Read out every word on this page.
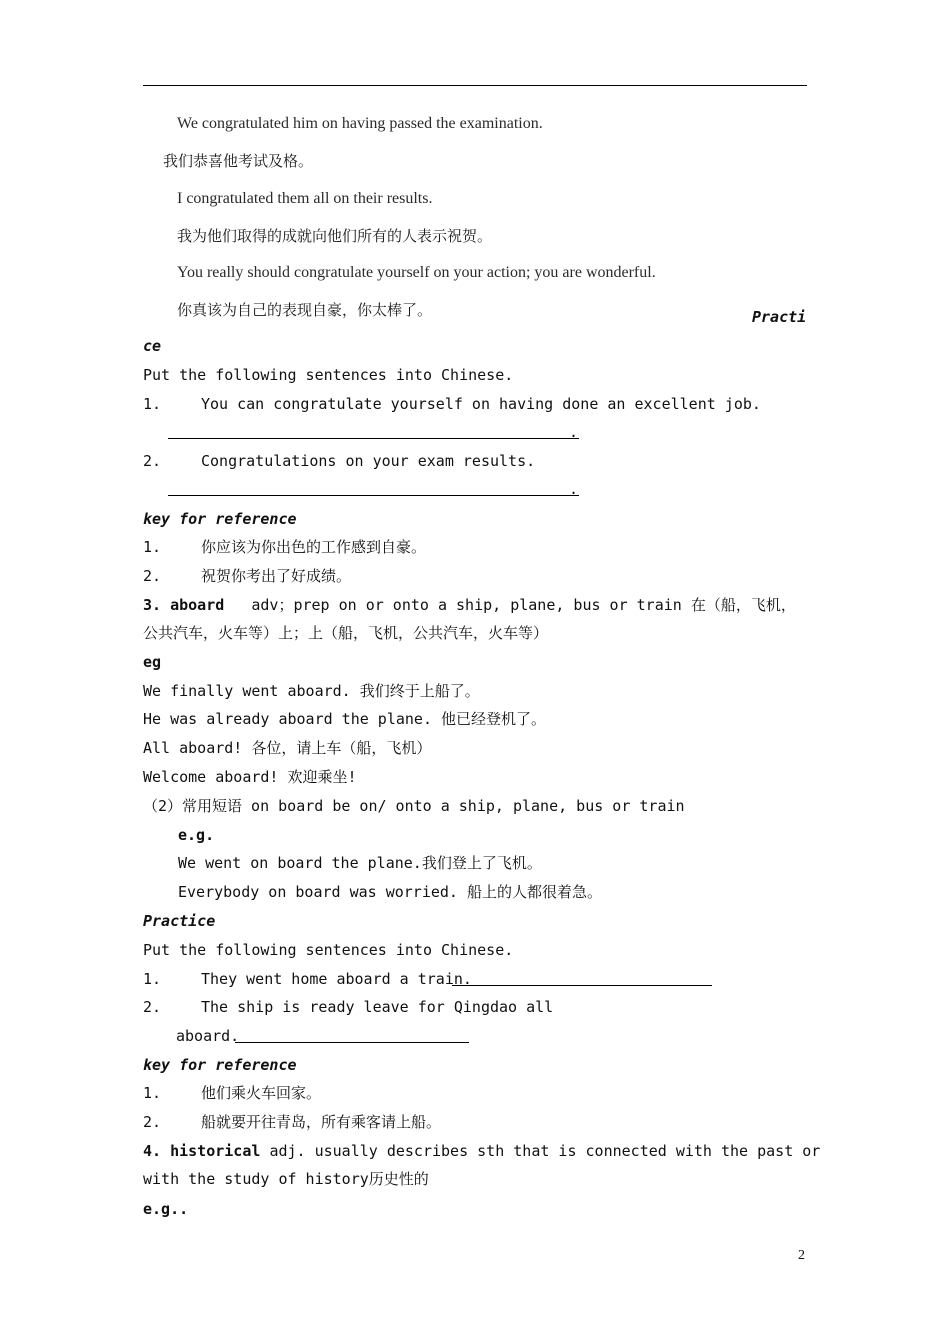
We congratulated him on having passed the examination.
我们恭喜他考试及格。
I congratulated them all on their results.
我为他们取得的成就向他们所有的人表示祝贺。
You really should congratulate yourself on your action; you are wonderful.
你真该为自己的表现自豪，你太棒了。	Practi
ce
Put the following sentences into Chinese.
1.	You can congratulate yourself on having done an excellent job.
.
2.	Congratulations on your exam results.
.
key for reference
1.	你应该为你出色的工作感到自豪。
2.	祝贺你考出了好成绩。
3. aboard adv；prep on or onto a ship, plane, bus or train 在（船，飞机，
公共汽车，火车等）上；上（船，飞机，公共汽车，火车等）
eg
We finally went aboard. 我们终于上船了。
He was already aboard the plane. 他已经登机了。
All aboard! 各位，请上车（船，飞机）
Welcome aboard! 欢迎乘坐!
（2）常用短语 on board be on/ onto a ship, plane, bus or train
e.g.
We went on board the plane.我们登上了飞机。
Everybody on board was worried. 船上的人都很着急。
Practice
Put the following sentences into Chinese.
1.	They went home aboard a train.
2.	The ship is ready leave for Qingdao all
aboard.
key for reference
1.	他们乘火车回家。
2.	船就要开往青岛，所有乘客请上船。
4. historical adj. usually describes sth that is connected with the past or
with the study of history历史性的
e.g..
2
